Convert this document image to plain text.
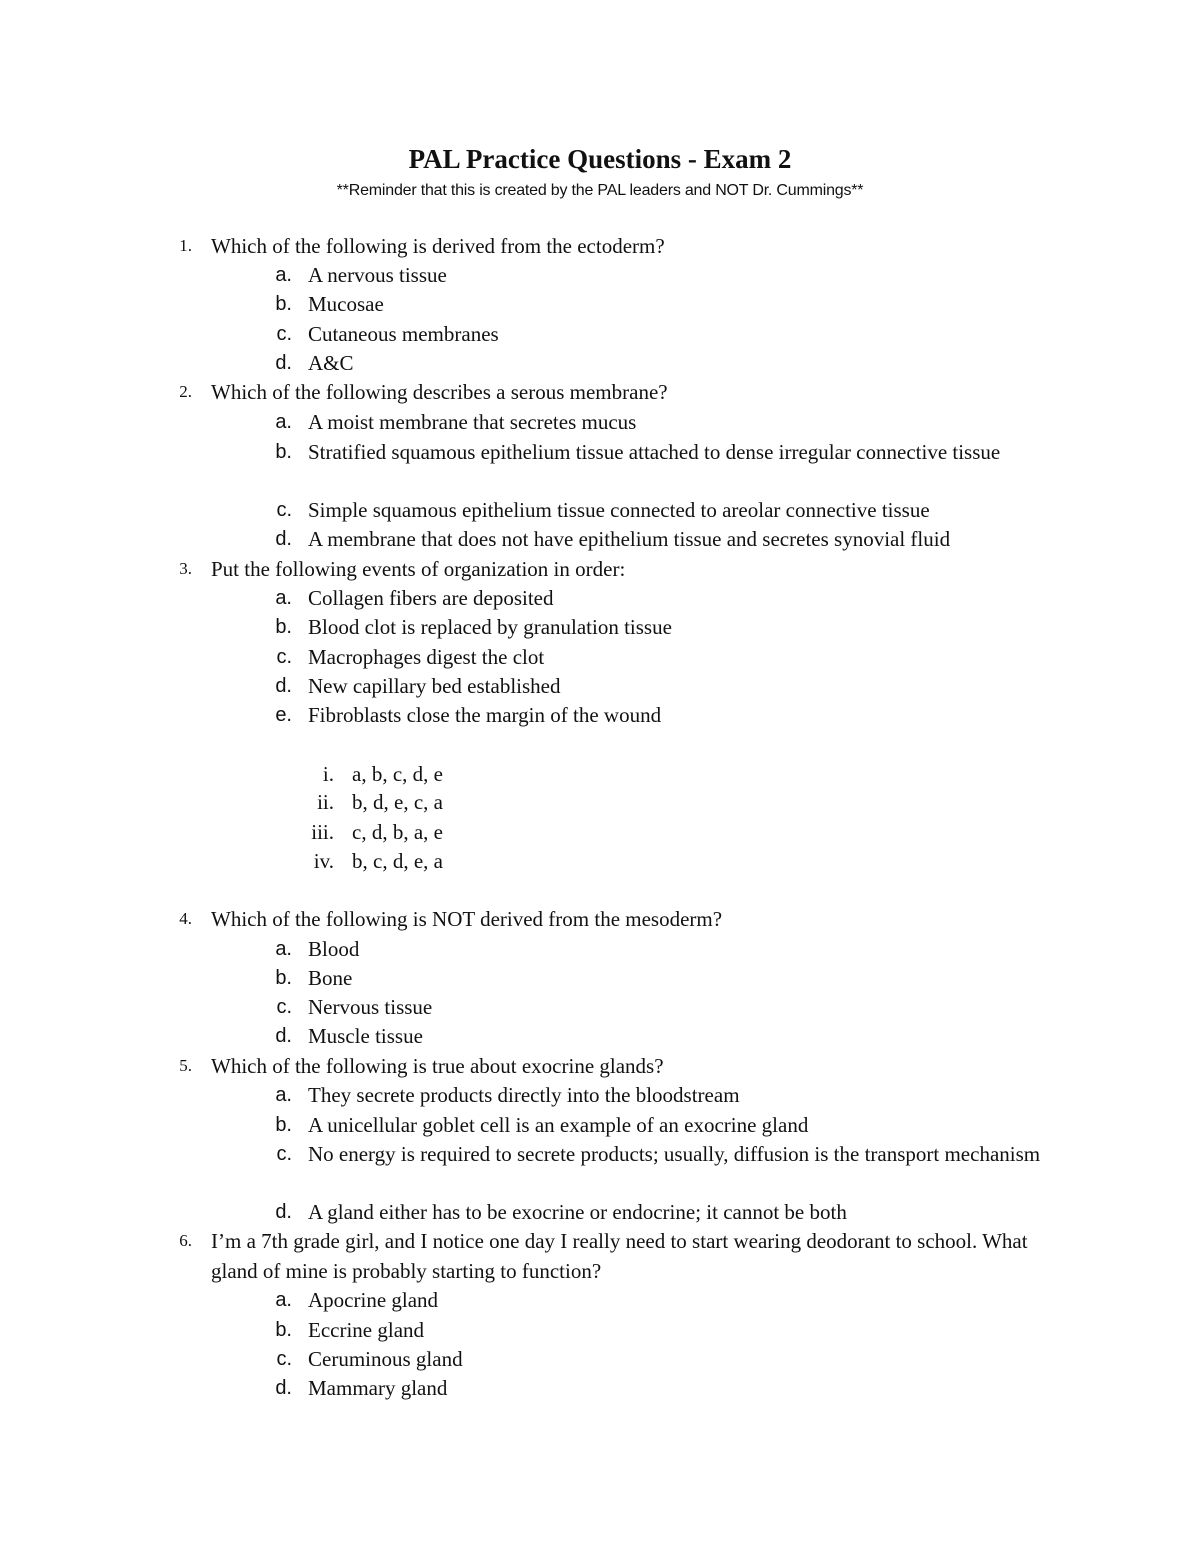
PAL Practice Questions - Exam 2
**Reminder that this is created by the PAL leaders and NOT Dr. Cummings**
1. Which of the following is derived from the ectoderm?
a. A nervous tissue
b. Mucosae
c. Cutaneous membranes
d. A&C
2. Which of the following describes a serous membrane?
a. A moist membrane that secretes mucus
b. Stratified squamous epithelium tissue attached to dense irregular connective tissue
c. Simple squamous epithelium tissue connected to areolar connective tissue
d. A membrane that does not have epithelium tissue and secretes synovial fluid
3. Put the following events of organization in order:
a. Collagen fibers are deposited
b. Blood clot is replaced by granulation tissue
c. Macrophages digest the clot
d. New capillary bed established
e. Fibroblasts close the margin of the wound
i. a, b, c, d, e
ii. b, d, e, c, a
iii. c, d, b, a, e
iv. b, c, d, e, a
4. Which of the following is NOT derived from the mesoderm?
a. Blood
b. Bone
c. Nervous tissue
d. Muscle tissue
5. Which of the following is true about exocrine glands?
a. They secrete products directly into the bloodstream
b. A unicellular goblet cell is an example of an exocrine gland
c. No energy is required to secrete products; usually, diffusion is the transport mechanism
d. A gland either has to be exocrine or endocrine; it cannot be both
6. I’m a 7th grade girl, and I notice one day I really need to start wearing deodorant to school. What gland of mine is probably starting to function?
a. Apocrine gland
b. Eccrine gland
c. Ceruminous gland
d. Mammary gland
